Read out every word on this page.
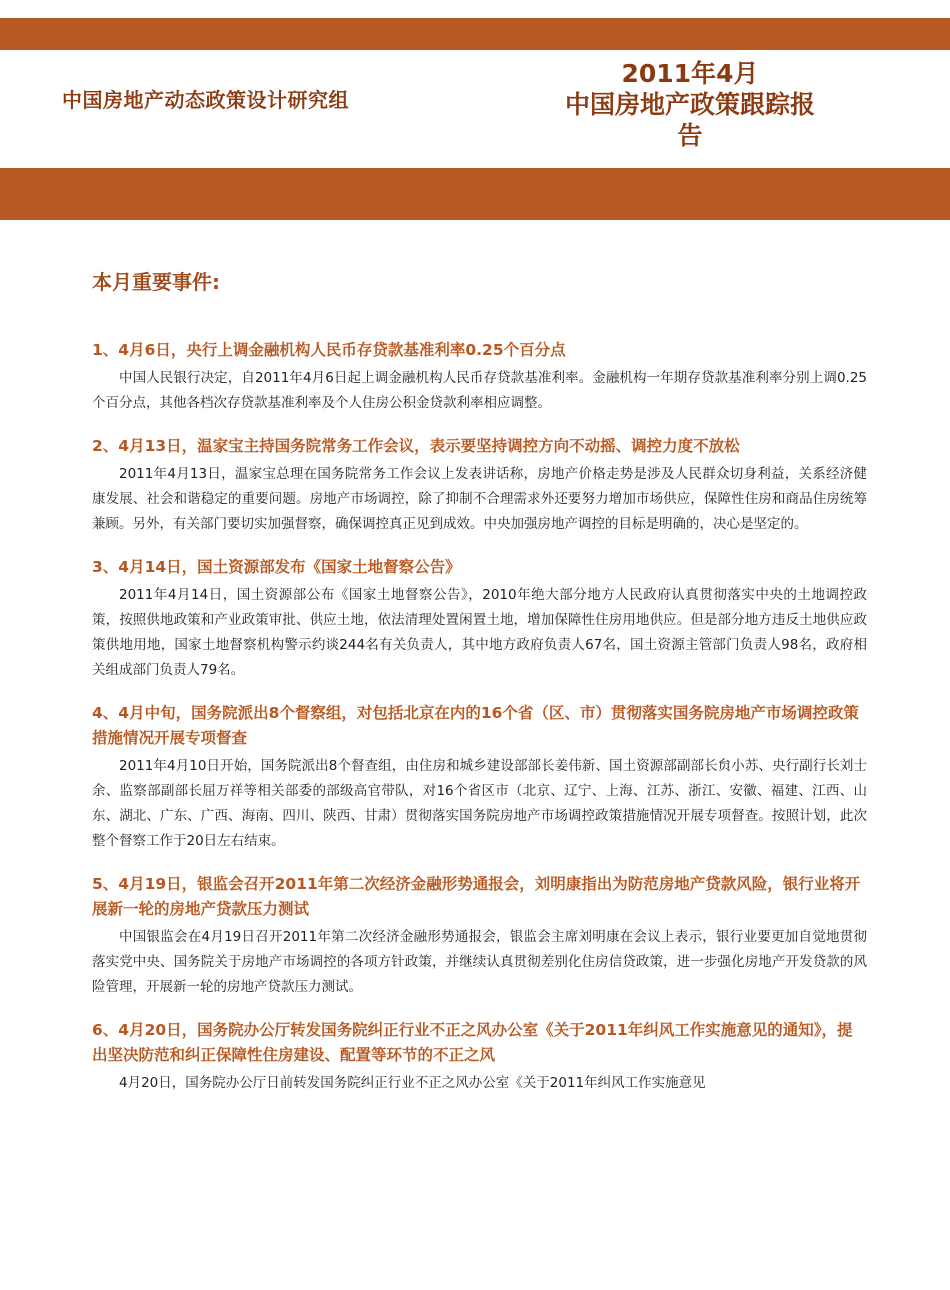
中国房地产动态政策设计研究组
2011年4月
中国房地产政策跟踪报
告
本月重要事件:

1、4月6日，央行上调金融机构人民币存贷款基准利率0.25个百分点

中国人民银行决定，自2011年4月6日起上调金融机构人民币存贷款基准利率。金融机构一年期存贷款基准利率分别上调0.25个百分点，其他各档次存贷款基准利率及个人住房公积金贷款利率相应调整。

2、4月13日，温家宝主持国务院常务工作会议，表示要坚持调控方向不动摇、调控力度不放松

2011年4月13日，温家宝总理在国务院常务工作会议上发表讲话称，房地产价格走势是涉及人民群众切身利益，关系经济健康发展、社会和谐稳定的重要问题。房地产市场调控，除了抑制不合理需求外还要努力增加市场供应，保障性住房和商品住房统筹兼顾。另外，有关部门要切实加强督察，确保调控真正见到成效。中央加强房地产调控的目标是明确的，决心是坚定的。

3、4月14日，国土资源部发布《国家土地督察公告》

2011年4月14日，国土资源部公布《国家土地督察公告》，2010年绝大部分地方人民政府认真贯彻落实中央的土地调控政策，按照供地政策和产业政策审批、供应土地，依法清理处置闲置土地，增加保障性住房用地供应。但是部分地方违反土地供应政策供地用地，国家土地督察机构警示约谈244名有关负责人，其中地方政府负责人67名，国土资源主管部门负责人98名，政府相关组成部门负责人79名。

4、4月中旬，国务院派出8个督察组，对包括北京在内的16个省（区、市）贯彻落实国务院房地产市场调控政策措施情况开展专项督查

2011年4月10日开始，国务院派出8个督查组，由住房和城乡建设部部长姜伟新、国土资源部副部长贠小苏、央行副行长刘士余、监察部副部长屈万祥等相关部委的部级高官带队，对16个省区市（北京、辽宁、上海、江苏、浙江、安徽、福建、江西、山东、湖北、广东、广西、海南、四川、陕西、甘肃）贯彻落实国务院房地产市场调控政策措施情况开展专项督查。按照计划，此次整个督察工作于20日左右结束。

5、4月19日，银监会召开2011年第二次经济金融形势通报会，刘明康指出为防范房地产贷款风险，银行业将开展新一轮的房地产贷款压力测试

中国银监会在4月19日召开2011年第二次经济金融形势通报会，银监会主席刘明康在会议上表示，银行业要更加自觉地贯彻落实党中央、国务院关于房地产市场调控的各项方针政策，并继续认真贯彻差别化住房信贷政策，进一步强化房地产开发贷款的风险管理，开展新一轮的房地产贷款压力测试。

6、4月20日，国务院办公厅转发国务院纠正行业不正之风办公室《关于2011年纠风工作实施意见的通知》，提出坚决防范和纠正保障性住房建设、配置等环节的不正之风

4月20日，国务院办公厅日前转发国务院纠正行业不正之风办公室《关于2011年纠风工作实施意见
